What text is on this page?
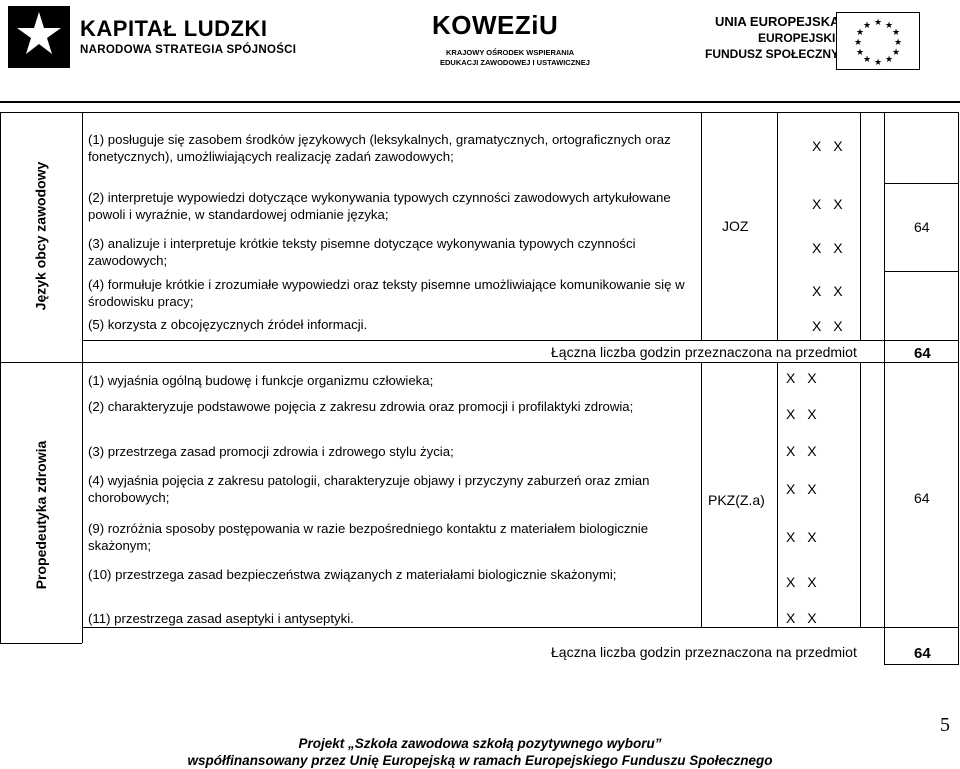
KAPITAŁ LUDZKI
NARODOWA STRATEGIA SPÓJNOŚCI
KOWEZiU
KRAJOWY OŚRODEK WSPIERANIA
EDUKACJI ZAWODOWEJ I USTAWICZNEJ
UNIA EUROPEJSKA
EUROPEJSKI
FUNDUSZ SPOŁECZNY
★ ★
★
★
★
★
★
★
★
★
★
★
Język obcy zawodowy
(1) posługuje się zasobem środków językowych (leksykalnych, gramatycznych, ortograficznych oraz fonetycznych), umożliwiających realizację zadań zawodowych;
(2) interpretuje wypowiedzi dotyczące wykonywania typowych czynności zawodowych artykułowane powoli i wyraźnie, w standardowej odmianie języka;
(3) analizuje i interpretuje krótkie teksty pisemne dotyczące wykonywania typowych czynności zawodowych;
(4) formułuje krótkie i zrozumiałe wypowiedzi oraz teksty pisemne umożliwiające komunikowanie się w środowisku pracy;
(5) korzysta z obcojęzycznych źródeł informacji.
JOZ
X X
X X
X X
X X
X X
64
Łączna liczba godzin przeznaczona na przedmiot	64
Propedeutyka zdrowia
(1) wyjaśnia ogólną budowę i funkcje organizmu człowieka;
(2) charakteryzuje podstawowe pojęcia z zakresu zdrowia oraz promocji i profilaktyki zdrowia;
(3) przestrzega zasad promocji zdrowia i zdrowego stylu życia;
(4) wyjaśnia pojęcia z zakresu patologii, charakteryzuje objawy i przyczyny zaburzeń oraz zmian chorobowych;
(9) rozróżnia sposoby postępowania w razie bezpośredniego kontaktu z materiałem biologicznie skażonym;
(10) przestrzega zasad bezpieczeństwa związanych z materiałami biologicznie skażonymi;
(11) przestrzega zasad aseptyki i antyseptyki.
PKZ(Z.a)
X X
X X
X X
X X
X X
X X
X X
64
Łączna liczba godzin przeznaczona na przedmiot	64
5
Projekt „Szkoła zawodowa szkołą pozytywnego wyboru”
współfinansowany przez Unię Europejską w ramach Europejskiego Funduszu Społecznego
